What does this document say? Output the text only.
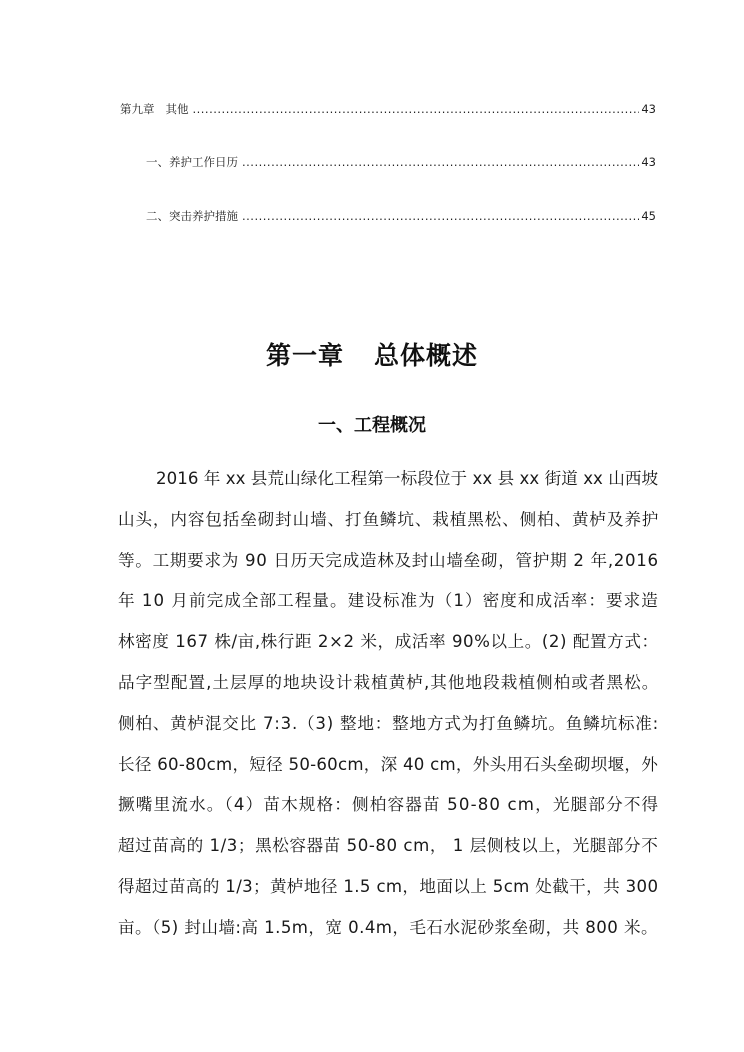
第九章   其他 .....	43
一、养护工作日历 .....	43
二、突击养护措施 .....	45
第一章 总体概述
一、工程概况
2016 年 xx 县荒山绿化工程第一标段位于 xx 县 xx 街道 xx 山西坡
山头，内容包括垒砌封山墙、打鱼鳞坑、栽植黑松、侧柏、黄栌及养护
等。工期要求为 90 日历天完成造林及封山墙垒砌，管护期 2 年,2016
年 10 月前完成全部工程量。建设标准为（1）密度和成活率：要求造
林密度 167 株/亩,株行距 2×2 米，成活率 90%以上。(2) 配置方式：
品字型配置,土层厚的地块设计栽植黄栌,其他地段栽植侧柏或者黑松。
侧柏、黄栌混交比 7:3.（3) 整地：整地方式为打鱼鳞坑。鱼鳞坑标准:
长径 60-80cm，短径 50-60cm，深 40 cm，外头用石头垒砌坝堰，外
撅嘴里流水。（4）苗木规格：侧柏容器苗 50-80 cm，光腿部分不得
超过苗高的 1/3；黑松容器苗 50-80 cm， 1 层侧枝以上，光腿部分不
得超过苗高的 1/3；黄栌地径 1.5 cm，地面以上 5cm 处截干，共 300
亩。（5) 封山墙:高 1.5m，宽 0.4m，毛石水泥砂浆垒砌，共 800 米。
